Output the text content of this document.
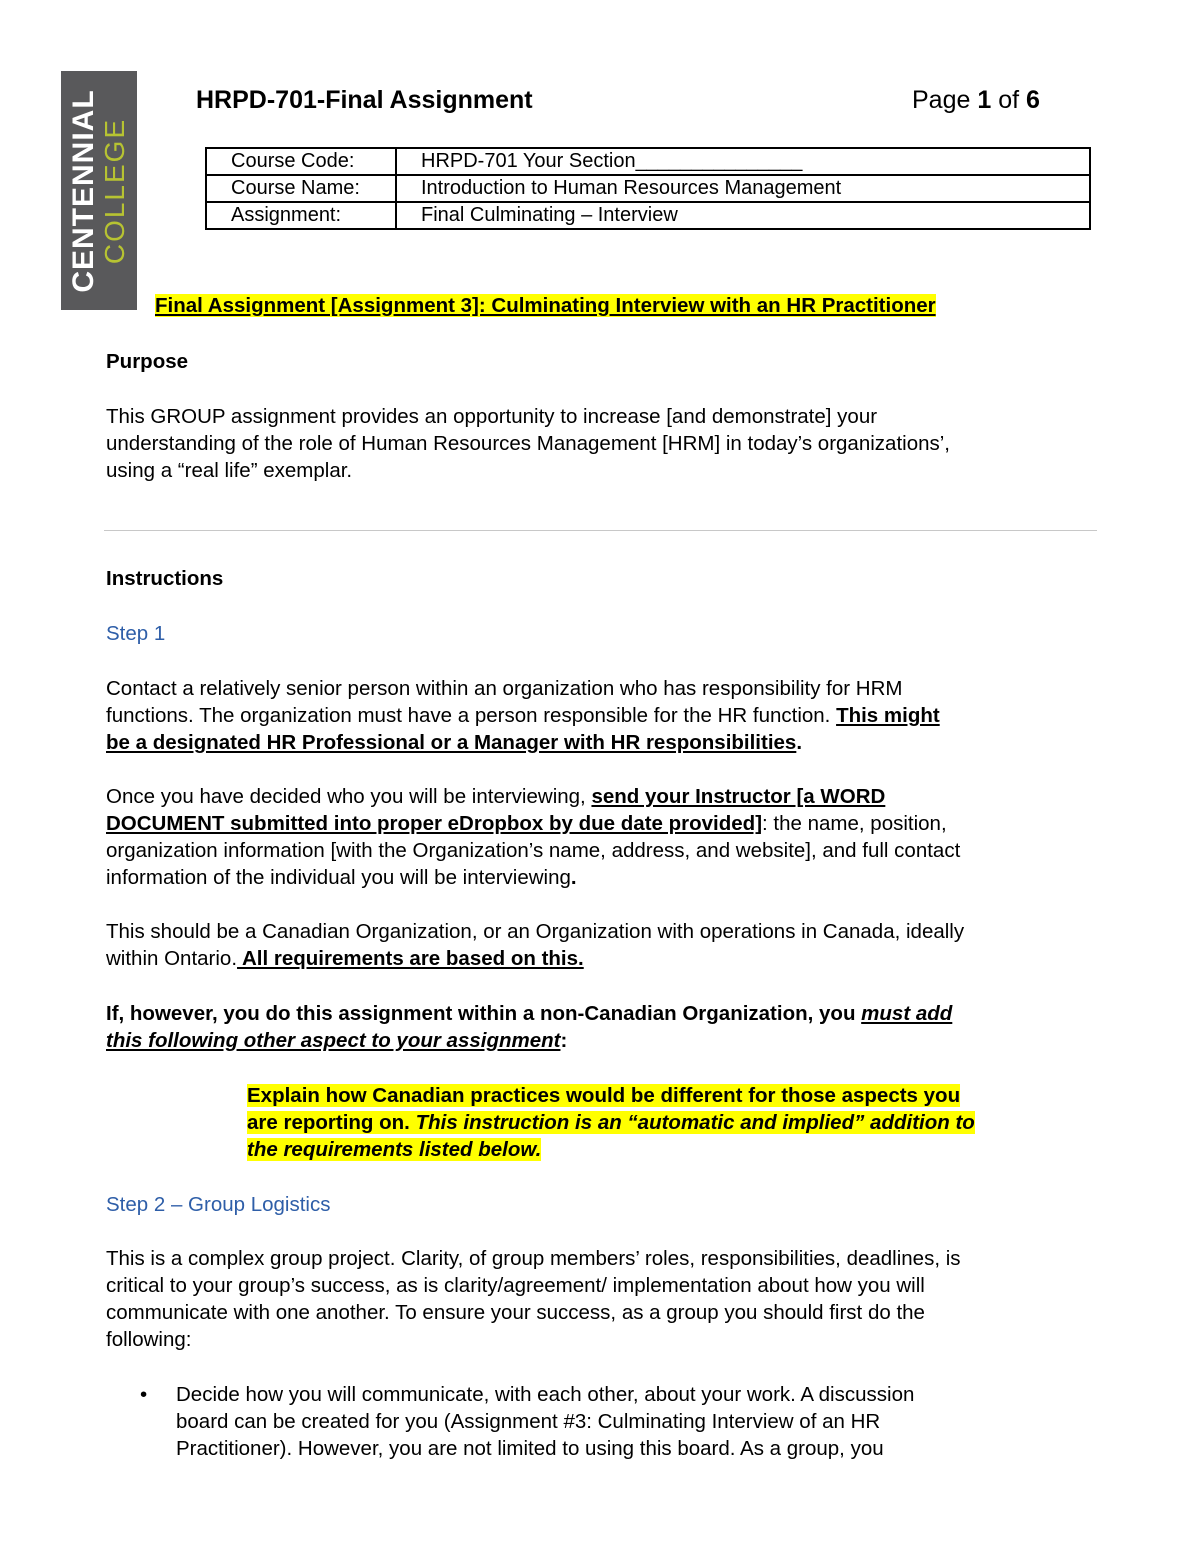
CENTENNIAL COLLEGE
HRPD-701-Final Assignment	Page 1 of 6
Course Code:	HRPD-701 Your Section_______________
Course Name:	Introduction to Human Resources Management
Assignment:	Final Culminating – Interview
Final Assignment [Assignment 3]: Culminating Interview with an HR Practitioner
Purpose
This GROUP assignment provides an opportunity to increase [and demonstrate] your
understanding of the role of Human Resources Management [HRM] in today’s organizations’,
using a “real life” exemplar.
Instructions
Step 1
Contact a relatively senior person within an organization who has responsibility for HRM
functions. The organization must have a person responsible for the HR function. This might
be a designated HR Professional or a Manager with HR responsibilities.
Once you have decided who you will be interviewing, send your Instructor [a WORD
DOCUMENT submitted into proper eDropbox by due date provided]: the name, position,
organization information [with the Organization’s name, address, and website], and full contact
information of the individual you will be interviewing.
This should be a Canadian Organization, or an Organization with operations in Canada, ideally
within Ontario. All requirements are based on this.
If, however, you do this assignment within a non-Canadian Organization, you must add
this following other aspect to your assignment:
Explain how Canadian practices would be different for those aspects you
are reporting on. This instruction is an “automatic and implied” addition to
the requirements listed below.
Step 2 – Group Logistics
This is a complex group project. Clarity, of group members’ roles, responsibilities, deadlines, is
critical to your group’s success, as is clarity/agreement/ implementation about how you will
communicate with one another. To ensure your success, as a group you should first do the
following:
• Decide how you will communicate, with each other, about your work. A discussion
board can be created for you (Assignment #3: Culminating Interview of an HR
Practitioner). However, you are not limited to using this board. As a group, you
